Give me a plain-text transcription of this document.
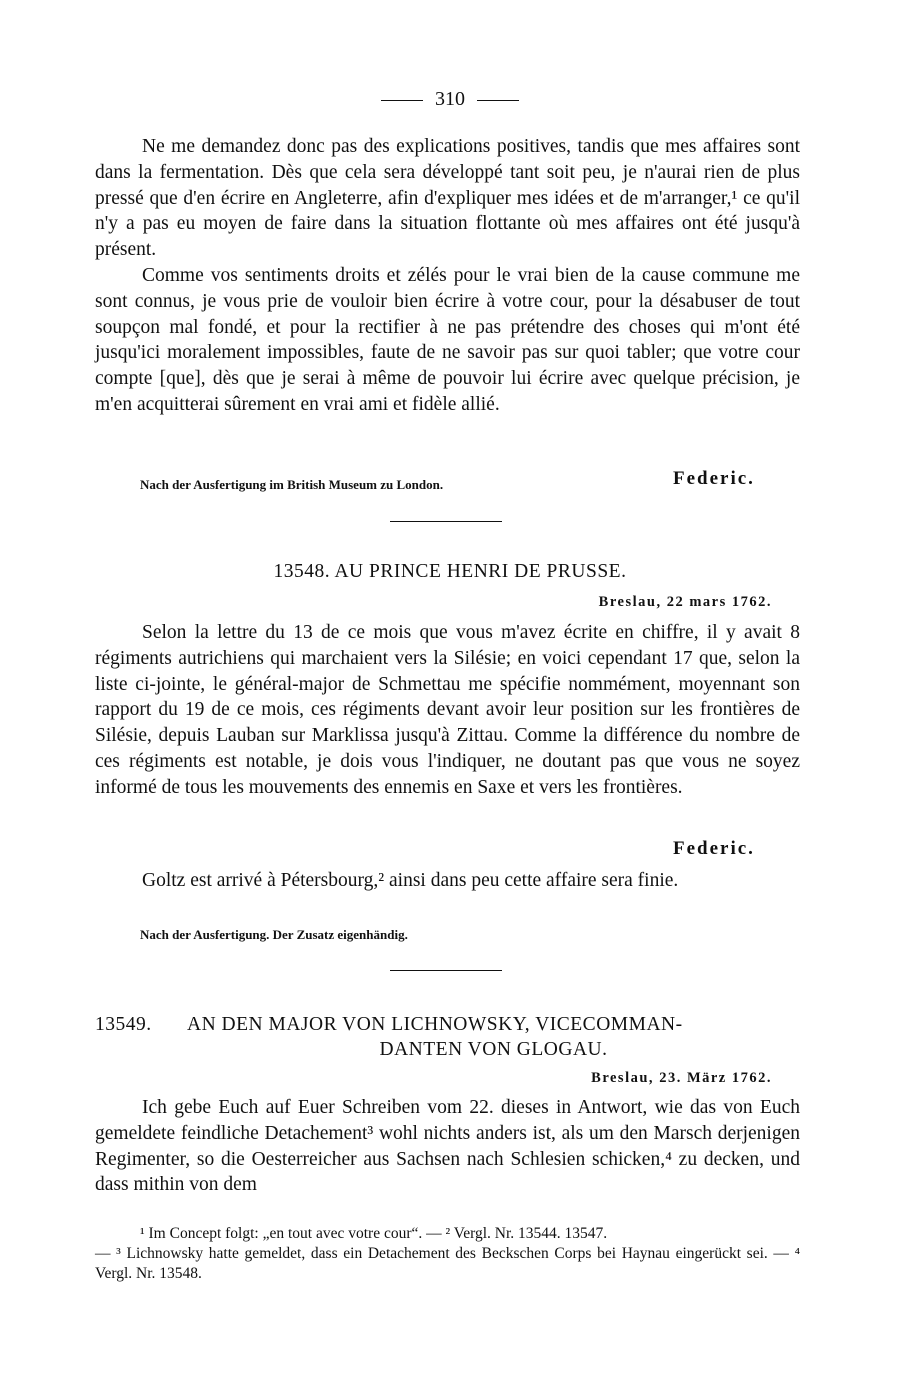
310

Ne me demandez donc pas des explications positives, tandis que mes affaires sont dans la fermentation. Dès que cela sera développé tant soit peu, je n'aurai rien de plus pressé que d'en écrire en Angleterre, afin d'expliquer mes idées et de m'arranger,¹ ce qu'il n'y a pas eu moyen de faire dans la situation flottante où mes affaires ont été jusqu'à présent.

Comme vos sentiments droits et zélés pour le vrai bien de la cause commune me sont connus, je vous prie de vouloir bien écrire à votre cour, pour la désabuser de tout soupçon mal fondé, et pour la rectifier à ne pas prétendre des choses qui m'ont été jusqu'ici moralement impossibles, faute de ne savoir pas sur quoi tabler; que votre cour compte [que], dès que je serai à même de pouvoir lui écrire avec quelque précision, je m'en acquitterai sûrement en vrai ami et fidèle allié.

Nach der Ausfertigung im British Museum zu London.	Federic.
13548. AU PRINCE HENRI DE PRUSSE.
Breslau, 22 mars 1762.

Selon la lettre du 13 de ce mois que vous m'avez écrite en chiffre, il y avait 8 régiments autrichiens qui marchaient vers la Silésie; en voici cependant 17 que, selon la liste ci-jointe, le général-major de Schmettau me spécifie nommément, moyennant son rapport du 19 de ce mois, ces régiments devant avoir leur position sur les frontières de Silésie, depuis Lauban sur Marklissa jusqu'à Zittau. Comme la différence du nombre de ces régiments est notable, je dois vous l'indiquer, ne doutant pas que vous ne soyez informé de tous les mouvements des ennemis en Saxe et vers les frontières.

Federic.

Goltz est arrivé à Pétersbourg,² ainsi dans peu cette affaire sera finie.

Nach der Ausfertigung. Der Zusatz eigenhändig.
13549. AN DEN MAJOR VON LICHNOWSKY, VICECOMMAN-
DANTEN VON GLOGAU.
Breslau, 23. März 1762.

Ich gebe Euch auf Euer Schreiben vom 22. dieses in Antwort, wie das von Euch gemeldete feindliche Detachement³ wohl nichts anders ist, als um den Marsch derjenigen Regimenter, so die Oesterreicher aus Sachsen nach Schlesien schicken,⁴ zu decken, und dass mithin von dem

¹ Im Concept folgt: „en tout avec votre cour“. — ² Vergl. Nr. 13544. 13547.

— ³ Lichnowsky hatte gemeldet, dass ein Detachement des Beckschen Corps bei Haynau eingerückt sei. — ⁴ Vergl. Nr. 13548.
